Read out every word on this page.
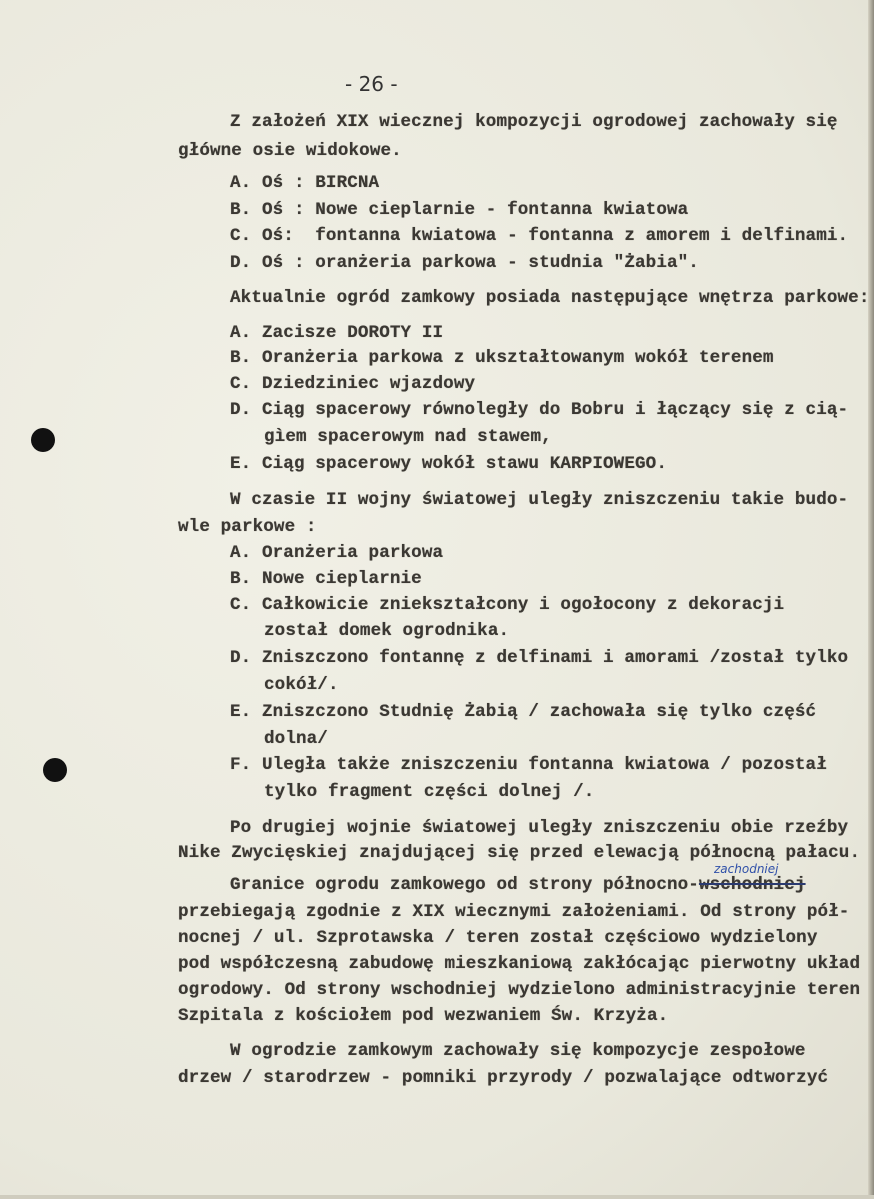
- 26 -
Z założeń XIX wiecznej kompozycji ogrodowej zachowały się
główne osie widokowe.
A. Oś : BIRCNA
B. Oś : Nowe cieplarnie - fontanna kwiatowa
C. Oś:  fontanna kwiatowa - fontanna z amorem i delfinami.
D. Oś : oranżeria parkowa - studnia "Żabia".
Aktualnie ogród zamkowy posiada następujące wnętrza parkowe:
A. Zacisze DOROTY II
B. Oranżeria parkowa z ukształtowanym wokół terenem
C. Dziedziniec wjazdowy
D. Ciąg spacerowy równoległy do Bobru i łączący się z cią-
gìem spacerowym nad stawem,
E. Ciąg spacerowy wokół stawu KARPIOWEGO.
W czasie II wojny światowej uległy zniszczeniu takie budo-
wle parkowe :
A. Oranżeria parkowa
B. Nowe cieplarnie
C. Całkowicie zniekształcony i ogołocony z dekoracji
został domek ogrodnika.
D. Zniszczono fontannę z delfinami i amorami /został tylko
cokół/.
E. Zniszczono Studnię Żabią / zachowała się tylko część
dolna/
F. Uległa także zniszczeniu fontanna kwiatowa / pozostał
tylko fragment części dolnej /.
Po drugiej wojnie światowej uległy zniszczeniu obie rzeźby
Nike Zwycięskiej znajdującej się przed elewacją północną pałacu.
zachodniej
Granice ogrodu zamkowego od strony północno-wschodniej
przebiegają zgodnie z XIX wiecznymi założeniami. Od strony pół-
nocnej / ul. Szprotawska / teren został częściowo wydzielony
pod współczesną zabudowę mieszkaniową zakłócając pierwotny układ
ogrodowy. Od strony wschodniej wydzielono administracyjnie teren
Szpitala z kościołem pod wezwaniem Św. Krzyża.
W ogrodzie zamkowym zachowały się kompozycje zespołowe
drzew / starodrzew - pomniki przyrody / pozwalające odtworzyć
